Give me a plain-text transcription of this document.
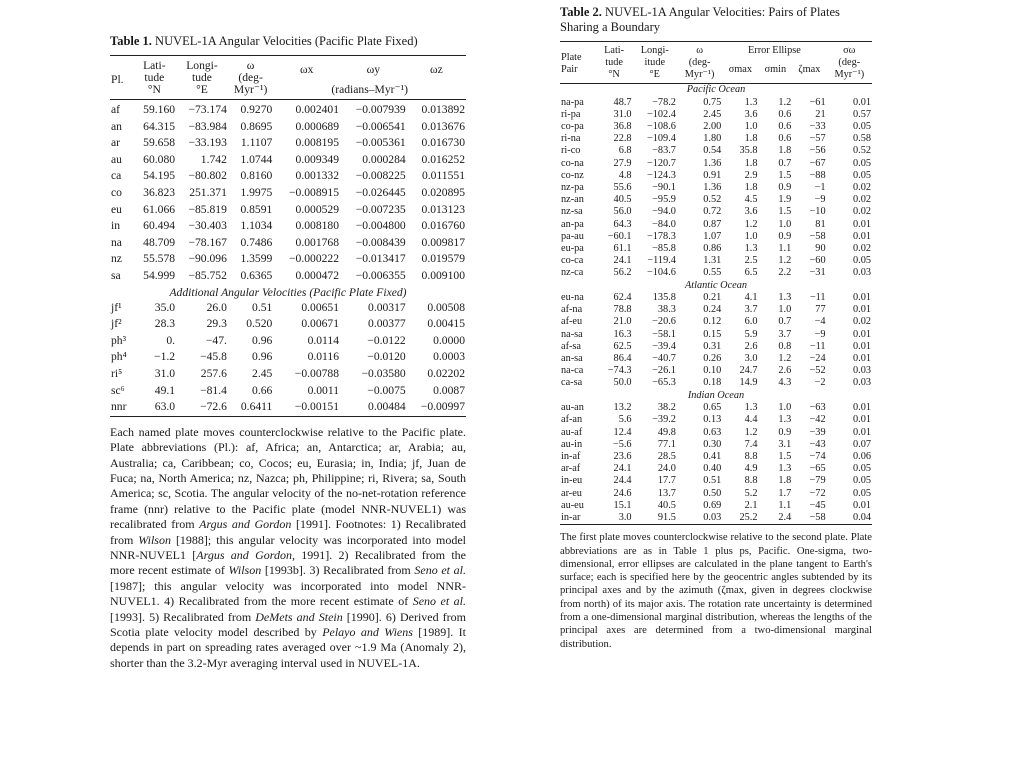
Table 1. NUVEL-1A Angular Velocities (Pacific Plate Fixed)
Pl.	Lati-	Longi-	ω	ωx	ωy	ωz
	tude	tude	(deg-			
	°N	°E	Myr⁻¹)	(radians–Myr⁻¹)		
af	59.160	−73.174	0.9270	0.002401	−0.007939	0.013892
an	64.315	−83.984	0.8695	0.000689	−0.006541	0.013676
ar	59.658	−33.193	1.1107	0.008195	−0.005361	0.016730
au	60.080	1.742	1.0744	0.009349	0.000284	0.016252
ca	54.195	−80.802	0.8160	0.001332	−0.008225	0.011551
co	36.823	251.371	1.9975	−0.008915	−0.026445	0.020895
eu	61.066	−85.819	0.8591	0.000529	−0.007235	0.013123
in	60.494	−30.403	1.1034	0.008180	−0.004800	0.016760
na	48.709	−78.167	0.7486	0.001768	−0.008439	0.009817
nz	55.578	−90.096	1.3599	−0.000222	−0.013417	0.019579
sa	54.999	−85.752	0.6365	0.000472	−0.006355	0.009100
Additional Angular Velocities (Pacific Plate Fixed)						
jf¹	35.0	26.0	0.51	0.00651	0.00317	0.00508
jf²	28.3	29.3	0.520	0.00671	0.00377	0.00415
ph³	0.	−47.	0.96	0.0114	−0.0122	0.0000
ph⁴	−1.2	−45.8	0.96	0.0116	−0.0120	0.0003
ri⁵	31.0	257.6	2.45	−0.00788	−0.03580	0.02202
sc⁶	49.1	−81.4	0.66	0.0011	−0.0075	0.0087
nnr	63.0	−72.6	0.6411	−0.00151	0.00484	−0.00997
Each named plate moves counterclockwise relative to the Pacific plate. Plate abbreviations (Pl.): af, Africa; an, Antarctica; ar, Arabia; au, Australia; ca, Caribbean; co, Cocos; eu, Eurasia; in, India; jf, Juan de Fuca; na, North America; nz, Nazca; ph, Philippine; ri, Rivera; sa, South America; sc, Scotia. The angular velocity of the no-net-rotation reference frame (nnr) relative to the Pacific plate (model NNR-NUVEL1) was recalibrated from Argus and Gordon [1991]. Footnotes: 1) Recalibrated from Wilson [1988]; this angular velocity was incorporated into model NNR-NUVEL1 [Argus and Gordon, 1991]. 2) Recalibrated from the more recent estimate of Wilson [1993b]. 3) Recalibrated from Seno et al. [1987]; this angular velocity was incorporated into model NNR-NUVEL1. 4) Recalibrated from the more recent estimate of Seno et al. [1993]. 5) Recalibrated from DeMets and Stein [1990]. 6) Derived from Scotia plate velocity model described by Pelayo and Wiens [1989]. It depends in part on spreading rates averaged over ~1.9 Ma (Anomaly 2), shorter than the 3.2-Myr averaging interval used in NUVEL-1A.
Table 2. NUVEL-1A Angular Velocities: Pairs of Plates Sharing a Boundary
Plate
Pair	Lati-	Longi-	ω	Error Ellipse			σω
	tude	itude	(deg-	σmax	σmin	ζmax	(deg-
	°N	°E	Myr⁻¹)				Myr⁻¹)
Pacific Ocean							
na-pa	48.7	−78.2	0.75	1.3	1.2	−61	0.01
ri-pa	31.0	−102.4	2.45	3.6	0.6	21	0.57
co-pa	36.8	−108.6	2.00	1.0	0.6	−33	0.05
ri-na	22.8	−109.4	1.80	1.8	0.6	−57	0.58
ri-co	6.8	−83.7	0.54	35.8	1.8	−56	0.52
co-na	27.9	−120.7	1.36	1.8	0.7	−67	0.05
co-nz	4.8	−124.3	0.91	2.9	1.5	−88	0.05
nz-pa	55.6	−90.1	1.36	1.8	0.9	−1	0.02
nz-an	40.5	−95.9	0.52	4.5	1.9	−9	0.02
nz-sa	56.0	−94.0	0.72	3.6	1.5	−10	0.02
an-pa	64.3	−84.0	0.87	1.2	1.0	81	0.01
pa-au	−60.1	−178.3	1.07	1.0	0.9	−58	0.01
eu-pa	61.1	−85.8	0.86	1.3	1.1	90	0.02
co-ca	24.1	−119.4	1.31	2.5	1.2	−60	0.05
nz-ca	56.2	−104.6	0.55	6.5	2.2	−31	0.03
Atlantic Ocean							
eu-na	62.4	135.8	0.21	4.1	1.3	−11	0.01
af-na	78.8	38.3	0.24	3.7	1.0	77	0.01
af-eu	21.0	−20.6	0.12	6.0	0.7	−4	0.02
na-sa	16.3	−58.1	0.15	5.9	3.7	−9	0.01
af-sa	62.5	−39.4	0.31	2.6	0.8	−11	0.01
an-sa	86.4	−40.7	0.26	3.0	1.2	−24	0.01
na-ca	−74.3	−26.1	0.10	24.7	2.6	−52	0.03
ca-sa	50.0	−65.3	0.18	14.9	4.3	−2	0.03
Indian Ocean							
au-an	13.2	38.2	0.65	1.3	1.0	−63	0.01
af-an	5.6	−39.2	0.13	4.4	1.3	−42	0.01
au-af	12.4	49.8	0.63	1.2	0.9	−39	0.01
au-in	−5.6	77.1	0.30	7.4	3.1	−43	0.07
in-af	23.6	28.5	0.41	8.8	1.5	−74	0.06
ar-af	24.1	24.0	0.40	4.9	1.3	−65	0.05
in-eu	24.4	17.7	0.51	8.8	1.8	−79	0.05
ar-eu	24.6	13.7	0.50	5.2	1.7	−72	0.05
au-eu	15.1	40.5	0.69	2.1	1.1	−45	0.01
in-ar	3.0	91.5	0.03	25.2	2.4	−58	0.04
The first plate moves counterclockwise relative to the second plate. Plate abbreviations are as in Table 1 plus ps, Pacific. One-sigma, two-dimensional, error ellipses are calculated in the plane tangent to Earth's surface; each is specified here by the geocentric angles subtended by its principal axes and by the azimuth (ζmax, given in degrees clockwise from north) of its major axis. The rotation rate uncertainty is determined from a one-dimensional marginal distribution, whereas the lengths of the principal axes are determined from a two-dimensional marginal distribution.
